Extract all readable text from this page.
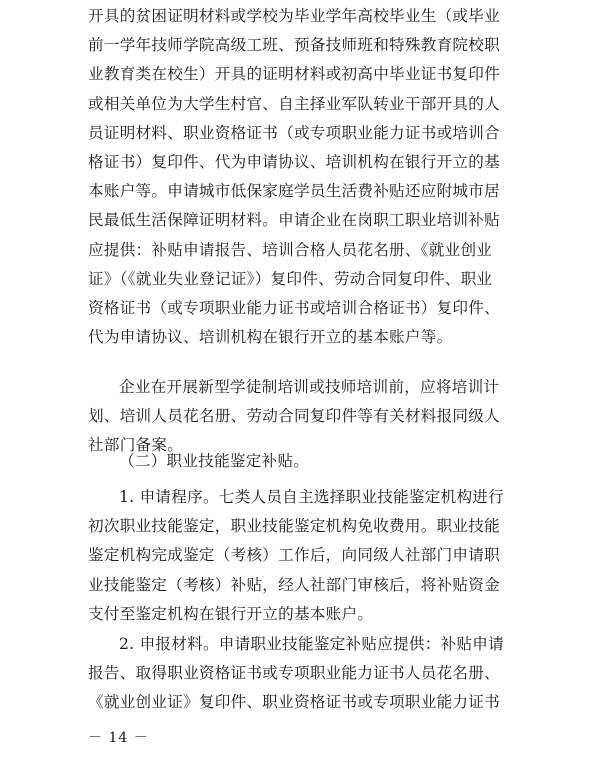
开具的贫困证明材料或学校为毕业学年高校毕业生（或毕业
前一学年技师学院高级工班、预备技师班和特殊教育院校职
业教育类在校生）开具的证明材料或初高中毕业证书复印件
或相关单位为大学生村官、自主择业军队转业干部开具的人
员证明材料、职业资格证书（或专项职业能力证书或培训合
格证书）复印件、代为申请协议、培训机构在银行开立的基
本账户等。申请城市低保家庭学员生活费补贴还应附城市居
民最低生活保障证明材料。申请企业在岗职工职业培训补贴
应提供：补贴申请报告、培训合格人员花名册、《就业创业
证》（《就业失业登记证》）复印件、劳动合同复印件、职业
资格证书（或专项职业能力证书或培训合格证书）复印件、
代为申请协议、培训机构在银行开立的基本账户等。
企业在开展新型学徒制培训或技师培训前，应将培训计
划、培训人员花名册、劳动合同复印件等有关材料报同级人
社部门备案。
（二）职业技能鉴定补贴。
1. 申请程序。七类人员自主选择职业技能鉴定机构进行
初次职业技能鉴定，职业技能鉴定机构免收费用。职业技能
鉴定机构完成鉴定（考核）工作后，向同级人社部门申请职
业技能鉴定（考核）补贴，经人社部门审核后，将补贴资金
支付至鉴定机构在银行开立的基本账户。
2. 申报材料。申请职业技能鉴定补贴应提供：补贴申请
报告、取得职业资格证书或专项职业能力证书人员花名册、
《就业创业证》复印件、职业资格证书或专项职业能力证书
－ 14 －
